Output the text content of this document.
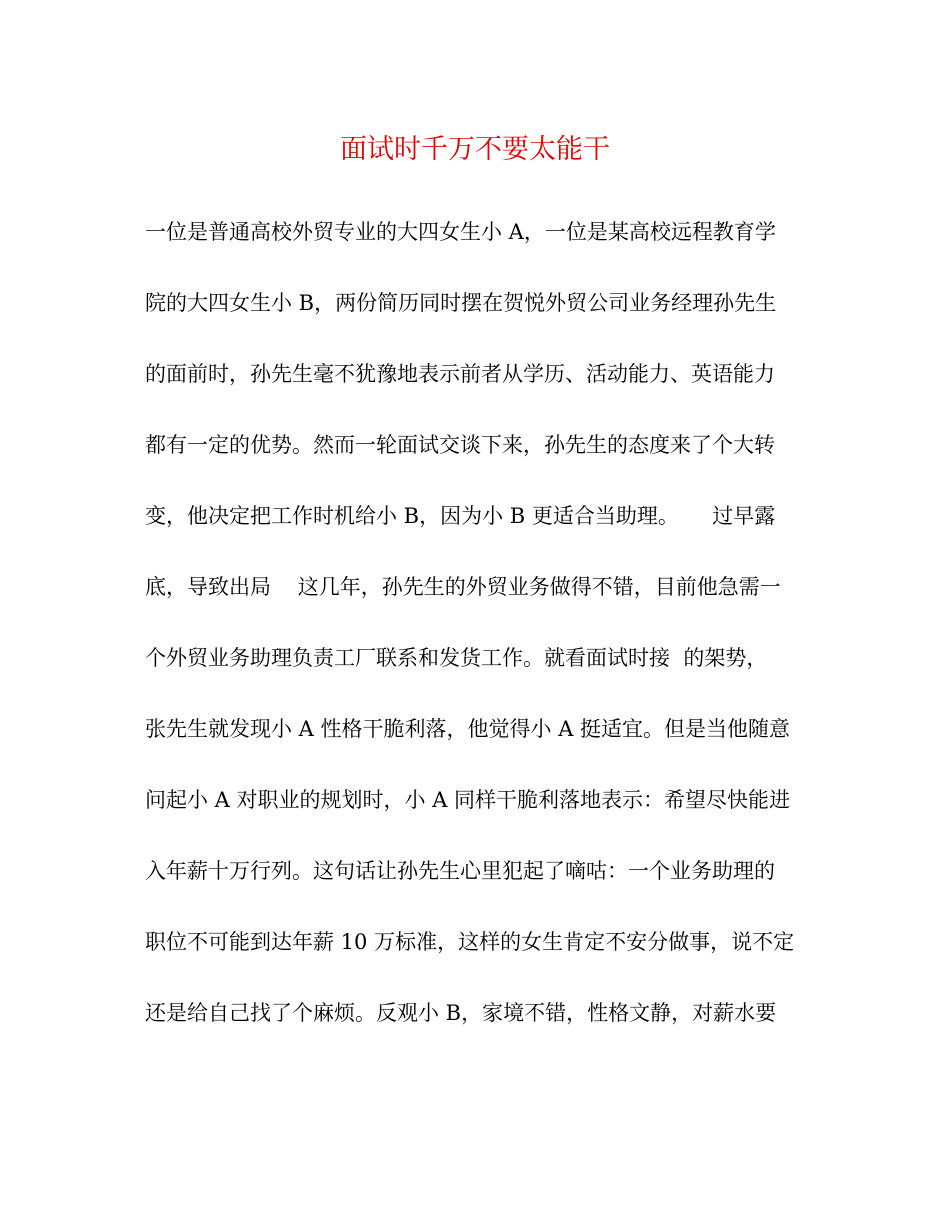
面试时千万不要太能干
一位是普通高校外贸专业的大四女生小 A，一位是某高校远程教育学
院的大四女生小 B，两份简历同时摆在贺悦外贸公司业务经理孙先生
的面前时，孙先生毫不犹豫地表示前者从学历、活动能力、英语能力
都有一定的优势。然而一轮面试交谈下来，孙先生的态度来了个大转
变，他决定把工作时机给小 B，因为小 B 更适合当助理。     过早露
底，导致出局    这几年，孙先生的外贸业务做得不错，目前他急需一
个外贸业务助理负责工厂联系和发货工作。就看面试时接  的架势，
张先生就发现小 A 性格干脆利落，他觉得小 A 挺适宜。但是当他随意
问起小 A 对职业的规划时，小 A 同样干脆利落地表示：希望尽快能进
入年薪十万行列。这句话让孙先生心里犯起了嘀咕：一个业务助理的
职位不可能到达年薪 10 万标准，这样的女生肯定不安分做事，说不定
还是给自己找了个麻烦。反观小 B，家境不错，性格文静，对薪水要
